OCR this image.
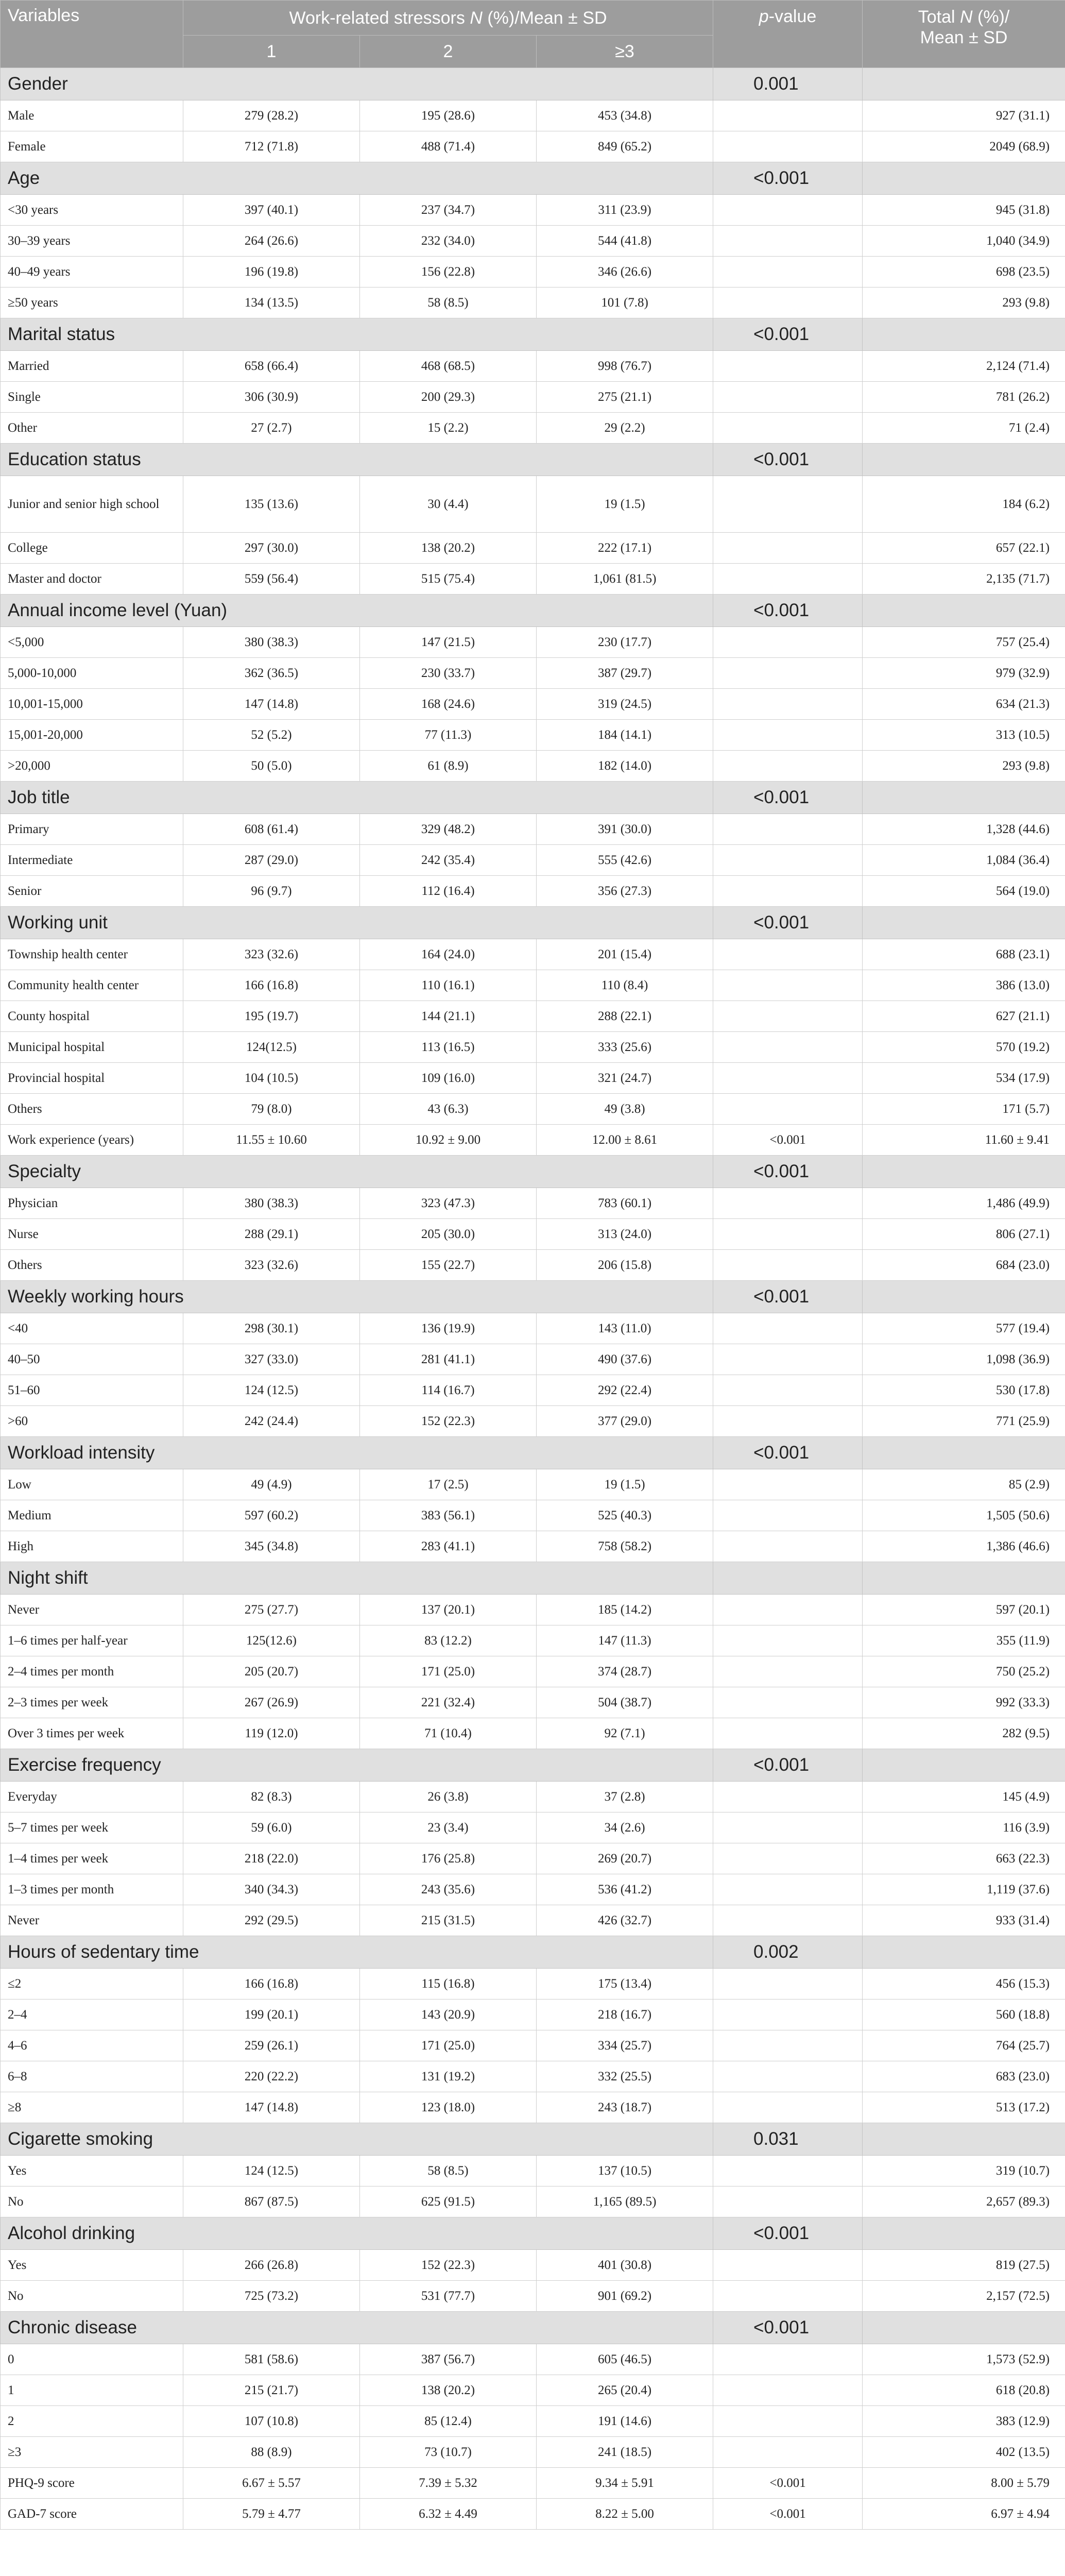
Variables	Work-related stressors N (%)/Mean ± SD			p-value	Total N (%)/
Mean ± SD
	1	2	≥3		
Gender				0.001	
Male	279 (28.2)	195 (28.6)	453 (34.8)		927 (31.1)
Female	712 (71.8)	488 (71.4)	849 (65.2)		2049 (68.9)
Age				<0.001	
<30 years	397 (40.1)	237 (34.7)	311 (23.9)		945 (31.8)
30–39 years	264 (26.6)	232 (34.0)	544 (41.8)		1,040 (34.9)
40–49 years	196 (19.8)	156 (22.8)	346 (26.6)		698 (23.5)
≥50 years	134 (13.5)	58 (8.5)	101 (7.8)		293 (9.8)
Marital status				<0.001	
Married	658 (66.4)	468 (68.5)	998 (76.7)		2,124 (71.4)
Single	306 (30.9)	200 (29.3)	275 (21.1)		781 (26.2)
Other	27 (2.7)	15 (2.2)	29 (2.2)		71 (2.4)
Education status				<0.001	
Junior and senior high school	135 (13.6)	30 (4.4)	19 (1.5)		184 (6.2)
College	297 (30.0)	138 (20.2)	222 (17.1)		657 (22.1)
Master and doctor	559 (56.4)	515 (75.4)	1,061 (81.5)		2,135 (71.7)
Annual income level (Yuan)				<0.001	
<5,000	380 (38.3)	147 (21.5)	230 (17.7)		757 (25.4)
5,000-10,000	362 (36.5)	230 (33.7)	387 (29.7)		979 (32.9)
10,001-15,000	147 (14.8)	168 (24.6)	319 (24.5)		634 (21.3)
15,001-20,000	52 (5.2)	77 (11.3)	184 (14.1)		313 (10.5)
>20,000	50 (5.0)	61 (8.9)	182 (14.0)		293 (9.8)
Job title				<0.001	
Primary	608 (61.4)	329 (48.2)	391 (30.0)		1,328 (44.6)
Intermediate	287 (29.0)	242 (35.4)	555 (42.6)		1,084 (36.4)
Senior	96 (9.7)	112 (16.4)	356 (27.3)		564 (19.0)
Working unit				<0.001	
Township health center	323 (32.6)	164 (24.0)	201 (15.4)		688 (23.1)
Community health center	166 (16.8)	110 (16.1)	110 (8.4)		386 (13.0)
County hospital	195 (19.7)	144 (21.1)	288 (22.1)		627 (21.1)
Municipal hospital	124(12.5)	113 (16.5)	333 (25.6)		570 (19.2)
Provincial hospital	104 (10.5)	109 (16.0)	321 (24.7)		534 (17.9)
Others	79 (8.0)	43 (6.3)	49 (3.8)		171 (5.7)
Work experience (years)	11.55 ± 10.60	10.92 ± 9.00	12.00 ± 8.61	<0.001	11.60 ± 9.41
Specialty				<0.001	
Physician	380 (38.3)	323 (47.3)	783 (60.1)		1,486 (49.9)
Nurse	288 (29.1)	205 (30.0)	313 (24.0)		806 (27.1)
Others	323 (32.6)	155 (22.7)	206 (15.8)		684 (23.0)
Weekly working hours				<0.001	
<40	298 (30.1)	136 (19.9)	143 (11.0)		577 (19.4)
40–50	327 (33.0)	281 (41.1)	490 (37.6)		1,098 (36.9)
51–60	124 (12.5)	114 (16.7)	292 (22.4)		530 (17.8)
>60	242 (24.4)	152 (22.3)	377 (29.0)		771 (25.9)
Workload intensity				<0.001	
Low	49 (4.9)	17 (2.5)	19 (1.5)		85 (2.9)
Medium	597 (60.2)	383 (56.1)	525 (40.3)		1,505 (50.6)
High	345 (34.8)	283 (41.1)	758 (58.2)		1,386 (46.6)
Night shift					
Never	275 (27.7)	137 (20.1)	185 (14.2)		597 (20.1)
1–6 times per half-year	125(12.6)	83 (12.2)	147 (11.3)		355 (11.9)
2–4 times per month	205 (20.7)	171 (25.0)	374 (28.7)		750 (25.2)
2–3 times per week	267 (26.9)	221 (32.4)	504 (38.7)		992 (33.3)
Over 3 times per week	119 (12.0)	71 (10.4)	92 (7.1)		282 (9.5)
Exercise frequency				<0.001	
Everyday	82 (8.3)	26 (3.8)	37 (2.8)		145 (4.9)
5–7 times per week	59 (6.0)	23 (3.4)	34 (2.6)		116 (3.9)
1–4 times per week	218 (22.0)	176 (25.8)	269 (20.7)		663 (22.3)
1–3 times per month	340 (34.3)	243 (35.6)	536 (41.2)		1,119 (37.6)
Never	292 (29.5)	215 (31.5)	426 (32.7)		933 (31.4)
Hours of sedentary time				0.002	
≤2	166 (16.8)	115 (16.8)	175 (13.4)		456 (15.3)
2–4	199 (20.1)	143 (20.9)	218 (16.7)		560 (18.8)
4–6	259 (26.1)	171 (25.0)	334 (25.7)		764 (25.7)
6–8	220 (22.2)	131 (19.2)	332 (25.5)		683 (23.0)
≥8	147 (14.8)	123 (18.0)	243 (18.7)		513 (17.2)
Cigarette smoking				0.031	
Yes	124 (12.5)	58 (8.5)	137 (10.5)		319 (10.7)
No	867 (87.5)	625 (91.5)	1,165 (89.5)		2,657 (89.3)
Alcohol drinking				<0.001	
Yes	266 (26.8)	152 (22.3)	401 (30.8)		819 (27.5)
No	725 (73.2)	531 (77.7)	901 (69.2)		2,157 (72.5)
Chronic disease				<0.001	
0	581 (58.6)	387 (56.7)	605 (46.5)		1,573 (52.9)
1	215 (21.7)	138 (20.2)	265 (20.4)		618 (20.8)
2	107 (10.8)	85 (12.4)	191 (14.6)		383 (12.9)
≥3	88 (8.9)	73 (10.7)	241 (18.5)		402 (13.5)
PHQ-9 score	6.67 ± 5.57	7.39 ± 5.32	9.34 ± 5.91	<0.001	8.00 ± 5.79
GAD-7 score	5.79 ± 4.77	6.32 ± 4.49	8.22 ± 5.00	<0.001	6.97 ± 4.94
